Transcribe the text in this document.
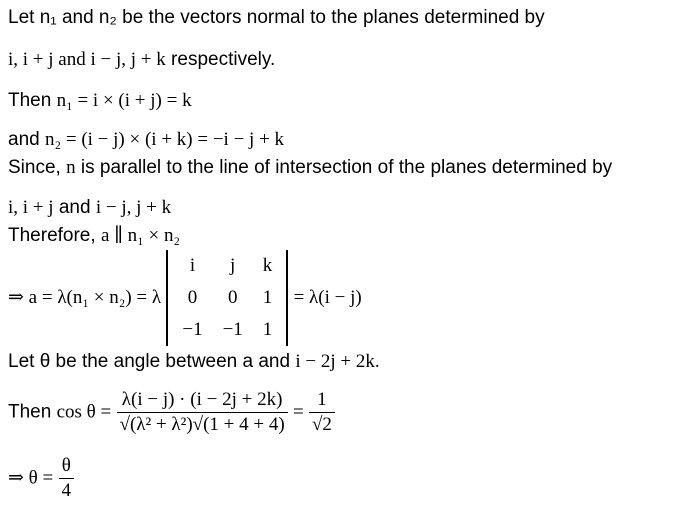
Let n₁ and n₂ be the vectors normal to the planes determined by
i, i + j and i − j, j + k respectively.
Then n₁ = i × (i + j) = k
and n₂ = (i − j) × (i + k) = −i − j + k
Since, n is parallel to the line of intersection of the planes determined by
i, i + j and i − j, j + k
Therefore, a ∥ n₁ × n₂
⇒ a = λ(n₁ × n₂) = λ
i	j	k
0	0	1
−1	−1	1
= λ(i − j)
Let θ be the angle between a and i − 2j + 2k.
Then $\cos \theta = \frac{\lambda(i - j) \cdot (i - 2j + 2k)}{\text{√(λ² + λ²)√(1 + 4 + 4)}} = \frac{1}{√2}$
⇒ $\theta = \frac{\theta}{4}$
